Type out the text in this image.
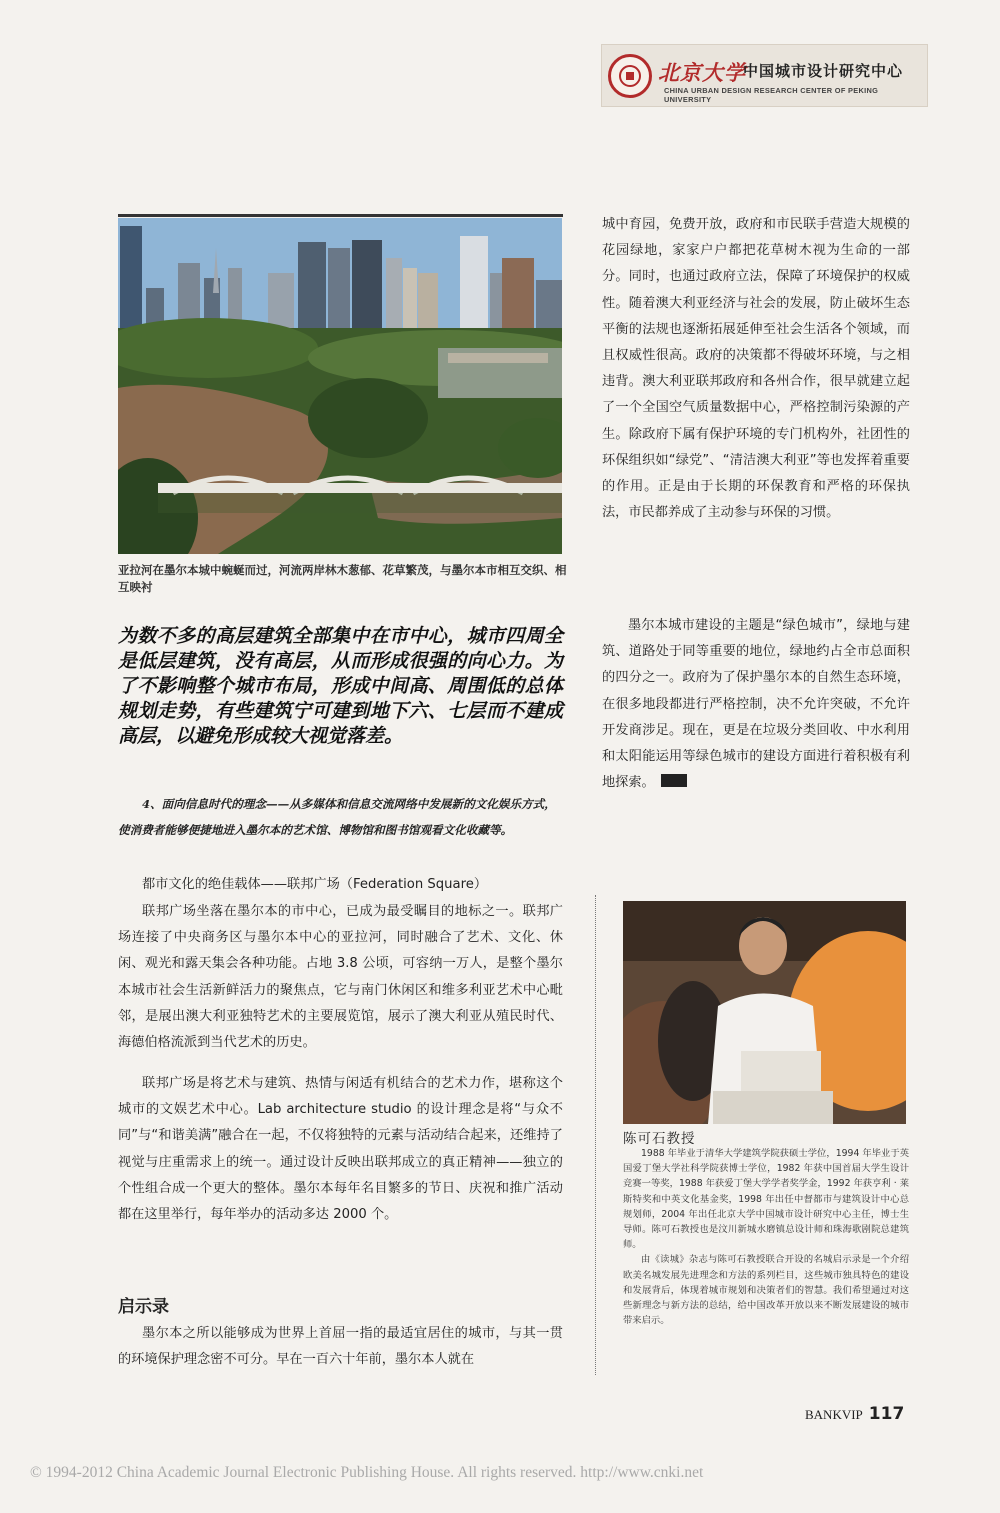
北京大学
中国城市设计研究中心
CHINA URBAN DESIGN RESEARCH CENTER OF PEKING UNIVERSITY
亚拉河在墨尔本城中蜿蜒而过，河流两岸林木葱郁、花草繁茂，与墨尔本市相互交织、相互映衬
为数不多的高层建筑全部集中在市中心，城市四周全是低层建筑，没有高层，从而形成很强的向心力。为了不影响整个城市布局，形成中间高、周围低的总体规划走势，有些建筑宁可建到地下六、七层而不建成高层，以避免形成较大视觉落差。
4、面向信息时代的理念——从多媒体和信息交流网络中发展新的文化娱乐方式，使消费者能够便捷地进入墨尔本的艺术馆、博物馆和图书馆观看文化收藏等。
都市文化的绝佳载体——联邦广场（Federation Square）
联邦广场坐落在墨尔本的市中心，已成为最受瞩目的地标之一。联邦广场连接了中央商务区与墨尔本中心的亚拉河，同时融合了艺术、文化、休闲、观光和露天集会各种功能。占地 3.8 公顷，可容纳一万人，是整个墨尔本城市社会生活新鲜活力的聚焦点，它与南门休闲区和维多利亚艺术中心毗邻，是展出澳大利亚独特艺术的主要展览馆，展示了澳大利亚从殖民时代、海德伯格流派到当代艺术的历史。
联邦广场是将艺术与建筑、热情与闲适有机结合的艺术力作，堪称这个城市的文娱艺术中心。Lab architecture studio 的设计理念是将“与众不同”与“和谐美满”融合在一起，不仅将独特的元素与活动结合起来，还维持了视觉与庄重需求上的统一。通过设计反映出联邦成立的真正精神——独立的个性组合成一个更大的整体。墨尔本每年名目繁多的节日、庆祝和推广活动都在这里举行，每年举办的活动多达 2000 个。
启示录
墨尔本之所以能够成为世界上首屈一指的最适宜居住的城市，与其一贯的环境保护理念密不可分。早在一百六十年前，墨尔本人就在
城中育园，免费开放，政府和市民联手营造大规模的花园绿地，家家户户都把花草树木视为生命的一部分。同时，也通过政府立法，保障了环境保护的权威性。随着澳大利亚经济与社会的发展，防止破坏生态平衡的法规也逐渐拓展延伸至社会生活各个领域，而且权威性很高。政府的决策都不得破坏环境，与之相违背。澳大利亚联邦政府和各州合作，很早就建立起了一个全国空气质量数据中心，严格控制污染源的产生。除政府下属有保护环境的专门机构外，社团性的环保组织如“绿党”、“清洁澳大利亚”等也发挥着重要的作用。正是由于长期的环保教育和严格的环保执法，市民都养成了主动参与环保的习惯。
墨尔本城市建设的主题是“绿色城市”，绿地与建筑、道路处于同等重要的地位，绿地约占全市总面积的四分之一。政府为了保护墨尔本的自然生态环境，在很多地段都进行严格控制，决不允许突破，不允许开发商涉足。现在，更是在垃圾分类回收、中水利用和太阳能运用等绿色城市的建设方面进行着积极有利地探索。
陈可石教授

1988 年毕业于清华大学建筑学院获硕士学位，1994 年毕业于英国爱丁堡大学社科学院获博士学位，1982 年获中国首届大学生设计竞赛一等奖，1988 年获爱丁堡大学学者奖学金，1992 年获亨利 · 莱斯特奖和中英文化基金奖，1998 年出任中督都市与建筑设计中心总规划师，2004 年出任北京大学中国城市设计研究中心主任，博士生导师。陈可石教授也是汶川新城水磨镇总设计师和珠海歌剧院总建筑师。

由《读城》杂志与陈可石教授联合开设的名城启示录是一个介绍欧美名城发展先进理念和方法的系列栏目，这些城市独具特色的建设和发展背后，体现着城市规划和决策者们的智慧。我们希望通过对这些新理念与新方法的总结，给中国改革开放以来不断发展建设的城市带来启示。

BANKVIP 117
© 1994-2012 China Academic Journal Electronic Publishing House. All rights reserved. http://www.cnki.net
